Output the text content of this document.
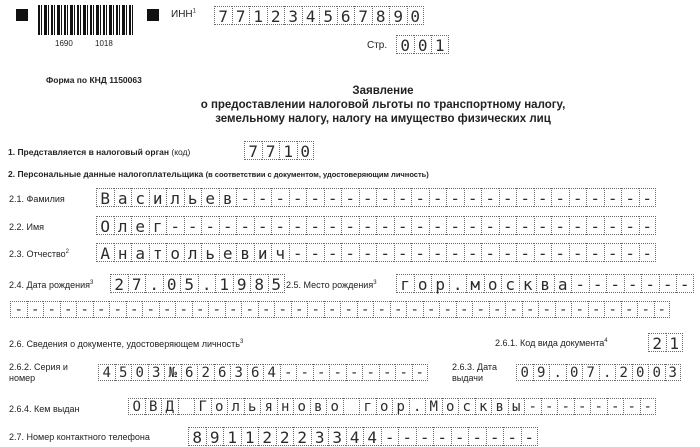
1690	1018
ИНН$^1$ 7 7 1 2 3 4 5 6 7 8 9 0
Стр. 0 0 1
Форма по КНД 1150063
Заявление
о предоставлении налоговой льготы по транспортному налогу,
земельному налогу, налогу на имущество физических лиц
1. Представляется в налоговый орган (код)	7 7 1 0
2. Персональные данные налогоплательщика (в соответствии с документом, удостоверяющим личность)
2.1. Фамилия В а с и л ь е в - - - - - - - - - - - - - - - - - - - - - - - -
2.2. Имя	О л е г - - - - - - - - - - - - - - - - - - - - - - - - - - - -
2.3. Отчество$^2$ А н а т о л ь е в и ч - - - - - - - - - - - - - - - - - - - - -
2.4. Дата рождения$^3$ 2 7 . 0 5 . 1 9 8 5 2.5. Место рождения$^3$ г о р . м о с к в а - - - - - - -
- - - - - - - - - - - - - - - - - - - - - - - - - - - - - - - - - - - - - - - -
2.6. Сведения о документе, удостоверяющем личность$^3$	2.6.1. Код вида документа$^4$	2 1
2.6.2. Серия и
номер	4 5 0 3 № 6 2 6 3 6 4 - - - - - - - - -	2.6.3. Дата
выдачи	0 9 . 0 7 . 2 0 0 3
2.6.4. Кем выдан	О В Д	Г о л ь я н о в о	г о р . М о с к в ы - - - - - - - -
2.7. Номер контактного телефона	8 9 1 1 2 2 2 3 3 4 4 - - - - - - - - -
